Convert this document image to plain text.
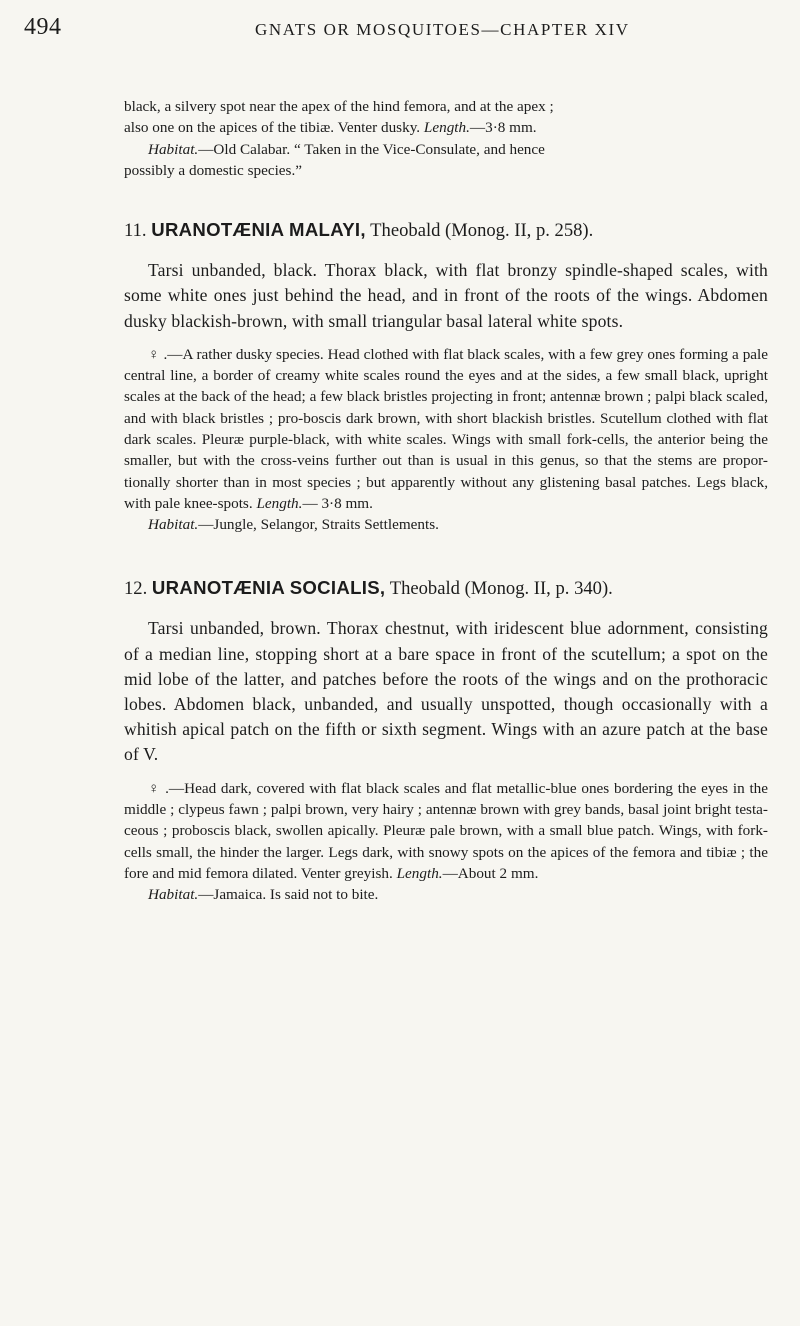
494	GNATS OR MOSQUITOES—CHAPTER XIV

black, a silvery spot near the apex of the hind femora, and at the apex ;

also one on the apices of the tibiæ. Venter dusky. Length.—3·8 mm.

Habitat.—Old Calabar. “ Taken in the Vice-Consulate, and hence

possibly a domestic species.”

11. URANOTÆNIA MALAYI, Theobald (Monog. II, p. 258).

Tarsi unbanded, black. Thorax black, with flat bronzy spindle-shaped scales, with some white ones just behind the head, and in front of the roots of the wings. Abdomen dusky blackish-brown, with small triangular basal lateral white spots.

♀ .—A rather dusky species. Head clothed with flat black scales, with a few grey ones forming a pale central line, a border of creamy white scales round the eyes and at the sides, a few small black, upright scales at the back of the head; a few black bristles projecting in front; antennæ brown ; palpi black scaled, and with black bristles ; pro-boscis dark brown, with short blackish bristles. Scutellum clothed with flat dark scales. Pleuræ purple-black, with white scales. Wings with small fork-cells, the anterior being the smaller, but with the cross-veins further out than is usual in this genus, so that the stems are propor-tionally shorter than in most species ; but apparently without any glistening basal patches. Legs black, with pale knee-spots. Length.— 3·8 mm.

Habitat.—Jungle, Selangor, Straits Settlements.

12. URANOTÆNIA SOCIALIS, Theobald (Monog. II, p. 340).

Tarsi unbanded, brown. Thorax chestnut, with iridescent blue adornment, consisting of a median line, stopping short at a bare space in front of the scutellum; a spot on the mid lobe of the latter, and patches before the roots of the wings and on the prothoracic lobes. Abdomen black, unbanded, and usually unspotted, though occasionally with a whitish apical patch on the fifth or sixth segment. Wings with an azure patch at the base of V.

♀ .—Head dark, covered with flat black scales and flat metallic-blue ones bordering the eyes in the middle ; clypeus fawn ; palpi brown, very hairy ; antennæ brown with grey bands, basal joint bright testa-ceous ; proboscis black, swollen apically. Pleuræ pale brown, with a small blue patch. Wings, with fork-cells small, the hinder the larger. Legs dark, with snowy spots on the apices of the femora and tibiæ ; the fore and mid femora dilated. Venter greyish. Length.—About 2 mm.

Habitat.—Jamaica. Is said not to bite.
